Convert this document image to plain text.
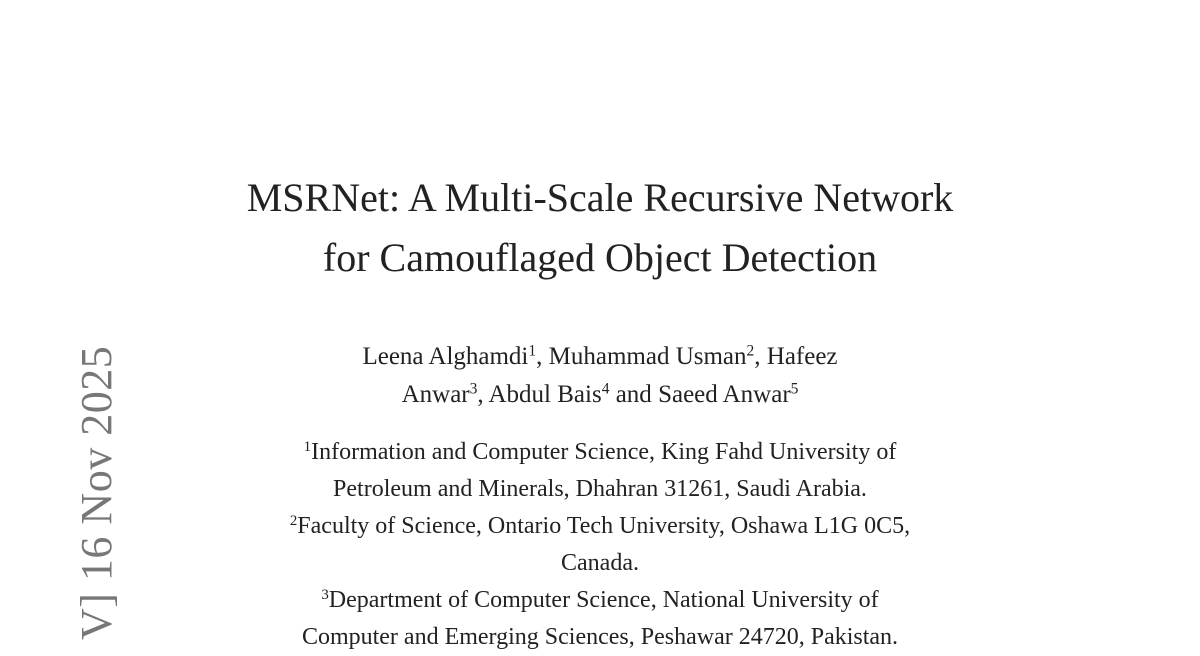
V] 16 Nov 2025
MSRNet: A Multi-Scale Recursive Network
for Camouflaged Object Detection
Leena Alghamdi$^1$, Muhammad Usman$^2$, Hafeez
Anwar$^3$, Abdul Bais$^4$ and Saeed Anwar$^5$
$^1$Information and Computer Science, King Fahd University of
Petroleum and Minerals, Dhahran 31261, Saudi Arabia.
$^2$Faculty of Science, Ontario Tech University, Oshawa L1G 0C5,
Canada.
$^3$Department of Computer Science, National University of
Computer and Emerging Sciences, Peshawar 24720, Pakistan.
